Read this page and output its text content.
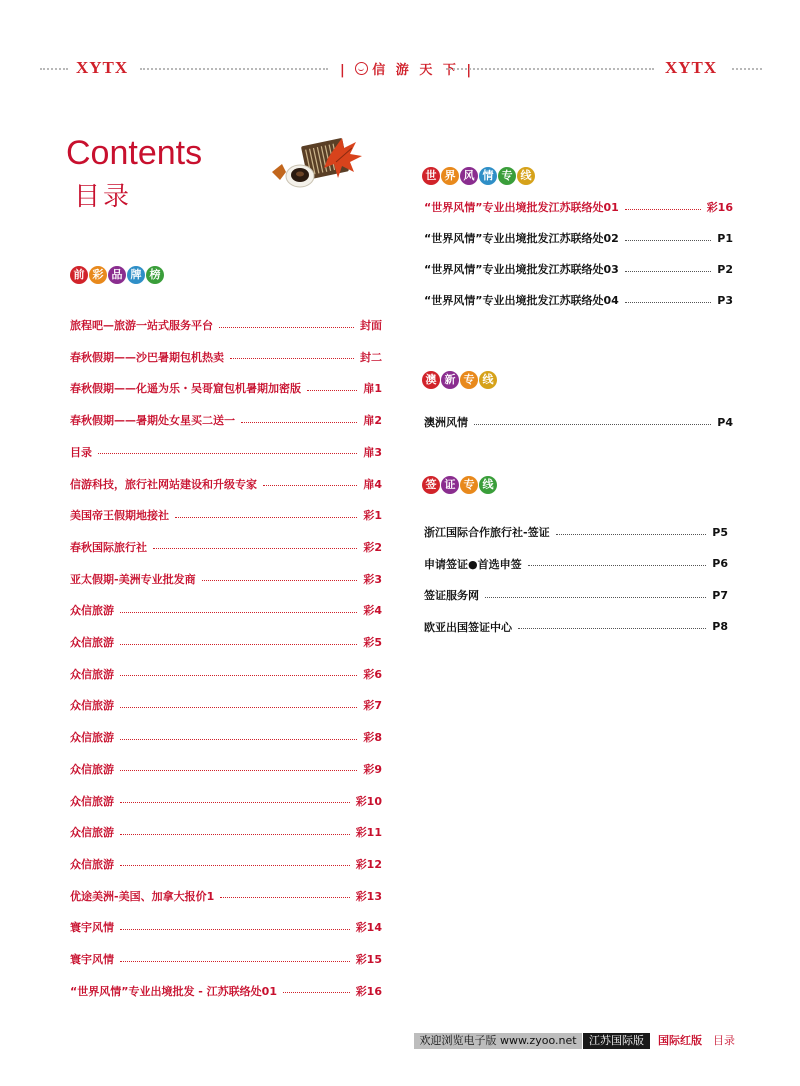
XYTX	| 信 游 天 下 |	XYTX
Contents
目录
前 彩 品 牌 榜
旅程吧—旅游一站式服务平台	封面
春秋假期——沙巴暑期包机热卖	封二
春秋假期——化遥为乐・吴哥窟包机暑期加密版	扉1
春秋假期——暑期处女星买二送一	扉2
目录	扉3
信游科技，旅行社网站建设和升级专家	扉4
美国帝王假期地接社	彩1
春秋国际旅行社	彩2
亚太假期-美洲专业批发商	彩3
众信旅游	彩4
众信旅游	彩5
众信旅游	彩6
众信旅游	彩7
众信旅游	彩8
众信旅游	彩9
众信旅游	彩10
众信旅游	彩11
众信旅游	彩12
优途美洲-美国、加拿大报价1	彩13
寰宇风情	彩14
寰宇风情	彩15
“世界风情”专业出境批发 - 江苏联络处01	彩16
世 界 风 情 专 线
“世界风情”专业出境批发江苏联络处01	彩16
“世界风情”专业出境批发江苏联络处02	P1
“世界风情”专业出境批发江苏联络处03	P2
“世界风情”专业出境批发江苏联络处04	P3
澳 新 专 线
澳洲风情	P4
签 证 专 线
浙江国际合作旅行社-签证	P5
申请签证●首选申签	P6
签证服务网	P7
欧亚出国签证中心	P8
欢迎浏览电子版 www.zyoo.net	江苏国际版	国际红版 目录
